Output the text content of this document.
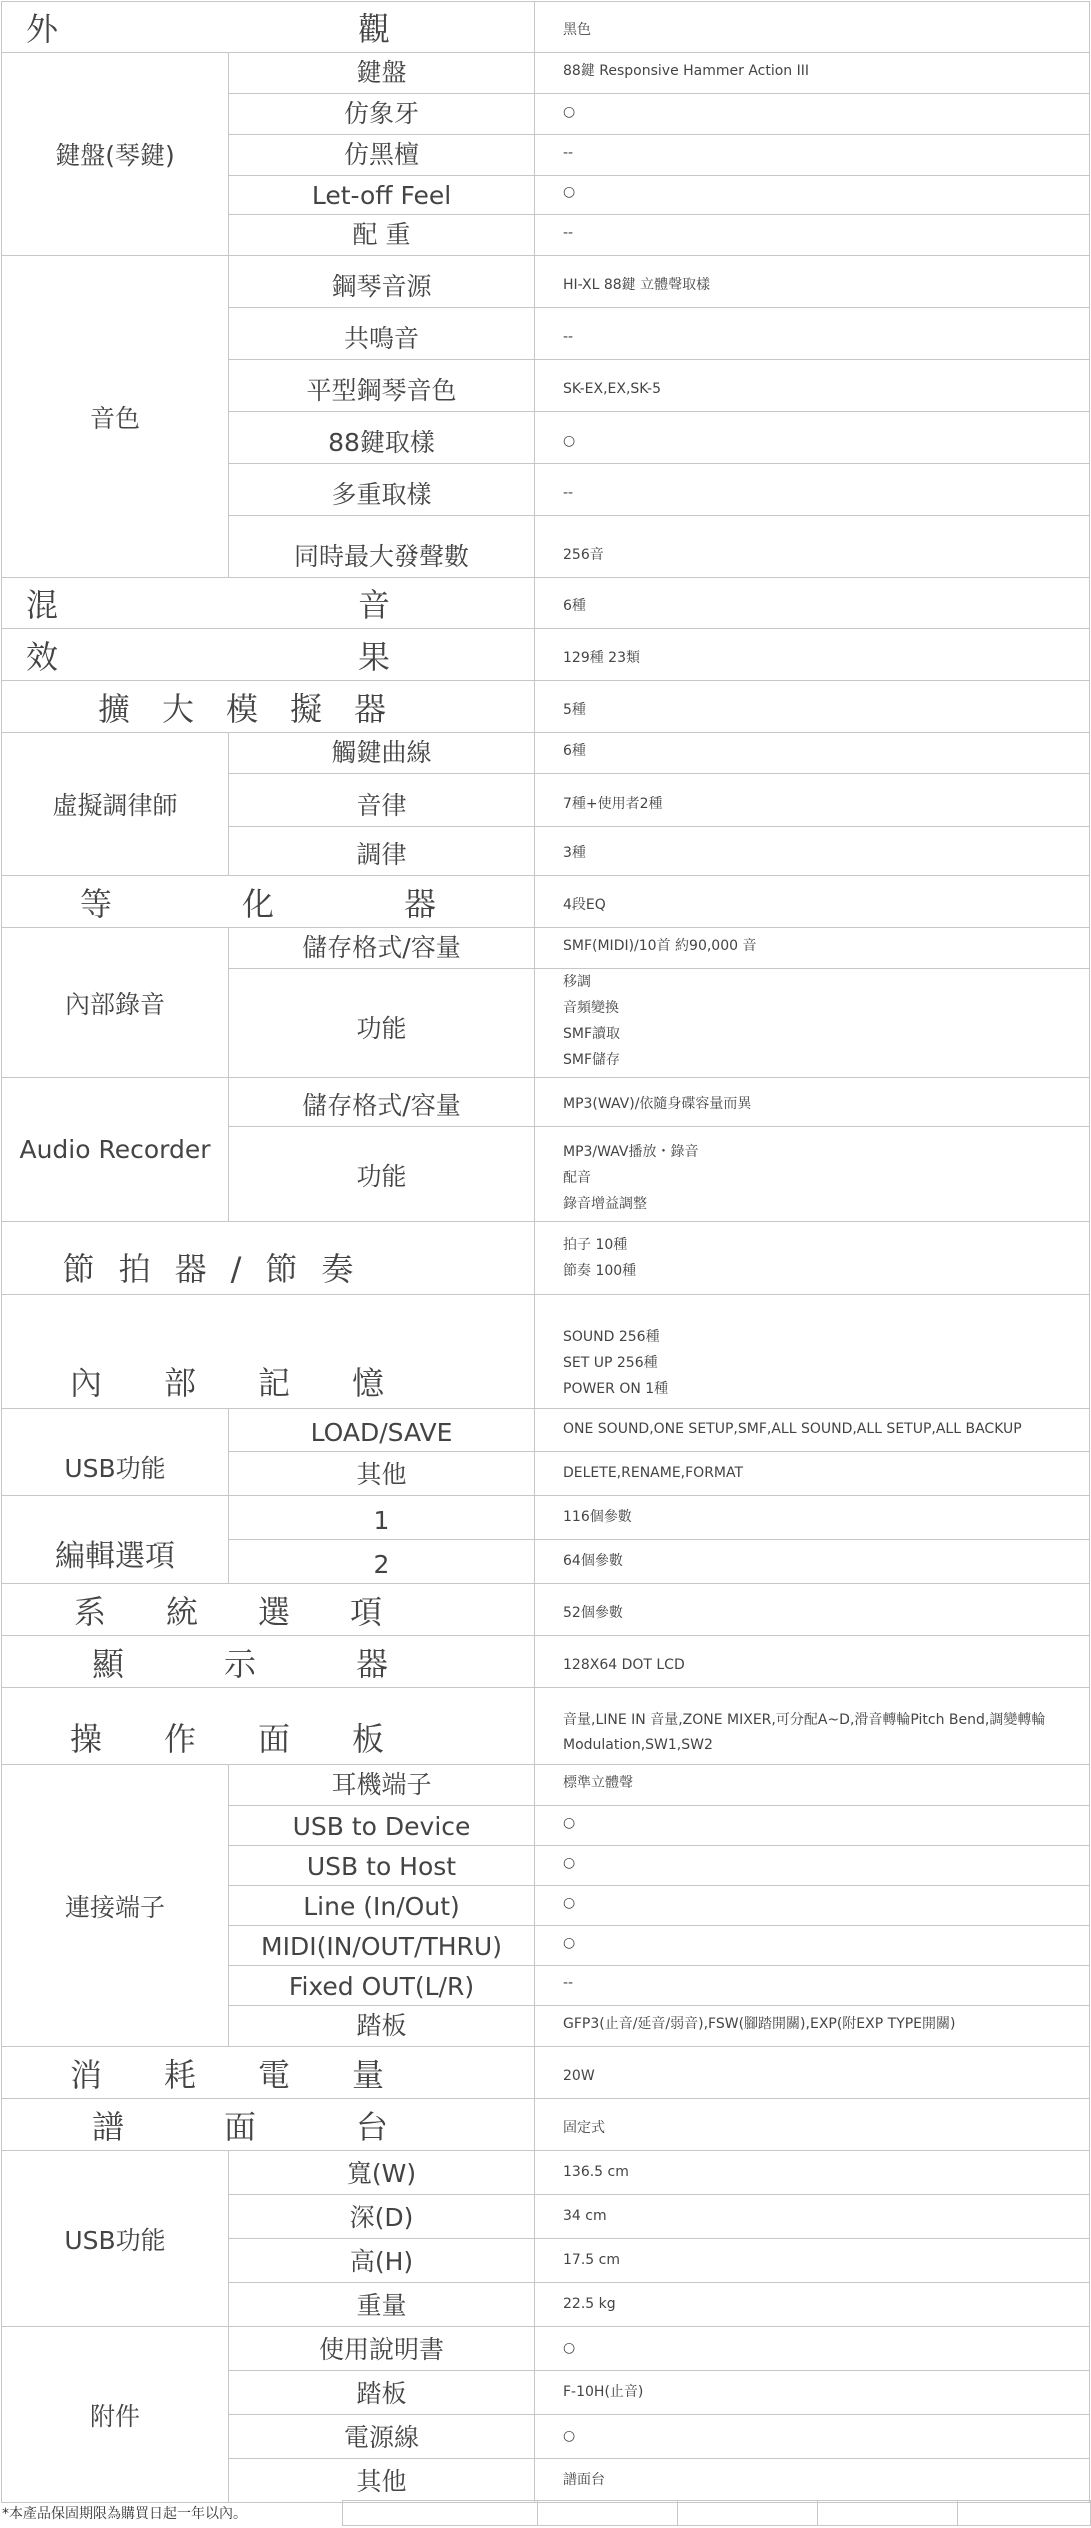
外 觀		黑色
鍵盤(琴鍵)	鍵盤	88鍵 Responsive Hammer Action III
	仿象牙	○
	仿黑檀	--
	Let-off Feel	○
	配 重	--
音色	鋼琴音源	HI-XL 88鍵 立體聲取樣
	共鳴音	--
	平型鋼琴音色	SK-EX,EX,SK-5
	88鍵取樣	○
	多重取樣	--
	同時最大發聲數	256音
混 音		6種
效 果		129種 23類
擴大模擬器		5種
虛擬調律師	觸鍵曲線	6種
	音律	7種+使用者2種
	調律	3種
等 化 器		4段EQ
內部錄音	儲存格式/容量	SMF(MIDI)/10首 約90,000 音
	功能	移調
音頻變換
SMF讀取
SMF儲存

Audio Recorder	儲存格式/容量	MP3(WAV)/依隨身碟容量而異
	功能	MP3/WAV播放・錄音
配音
錄音增益調整

節拍器/節奏		拍子 10種
節奏 100種

內部記憶		SOUND 256種
SET UP 256種
POWER ON 1種

USB功能	LOAD/SAVE	ONE SOUND,ONE SETUP,SMF,ALL SOUND,ALL SETUP,ALL BACKUP
	其他	DELETE,RENAME,FORMAT
編輯選項	1	116個參數
	2	64個參數
系統選項		52個參數
顯示器		128X64 DOT LCD
操作面板		音量,LINE IN 音量,ZONE MIXER,可分配A~D,滑音轉輪Pitch Bend,調變轉輪Modulation,SW1,SW2
連接端子	耳機端子	標準立體聲
	USB to Device	○
	USB to Host	○
	Line (In/Out)	○
	MIDI(IN/OUT/THRU)	○
	Fixed OUT(L/R)	--
	踏板	GFP3(止音/延音/弱音),FSW(腳踏開關),EXP(附EXP TYPE開關)
消耗電量		20W
譜面台		固定式
USB功能	寬(W)	136.5 cm
	深(D)	34 cm
	高(H)	17.5 cm
	重量	22.5 kg
附件	使用說明書	○
	踏板	F-10H(止音)
	電源線	○
	其他	譜面台
*本產品保固期限為購買日起一年以內。					
